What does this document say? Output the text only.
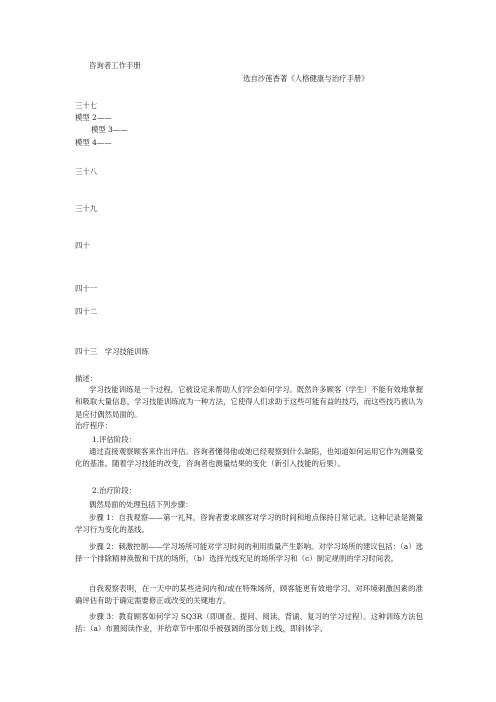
咨询者工作手册
选自沙莲香著《人格健康与治疗手册》
三十七
模型 2——
模型 3——
模型 4——
三十八
三十九
四十
四十一
四十二
四十三　学习技能训练
描述：
学习技能训练是一个过程，它被设定来帮助人们学会如何学习。既然许多顾客（学生）不能有效地掌握和吸取大量信息，学习技能训练成为一种方法，它使得人们求助于这些可能有益的技巧，而这些技巧被认为是应付偶然局面的。
治疗程序：
1.评估阶段：
通过直接观察顾客来作出评估。咨询者懂得他或她已经观察到什么缺陷，也知道如何运用它作为测量变化的基准。随着学习技能的改变，咨询者也测量结果的变化（新引入技能的后果）。
2.治疗阶段：
偶然局面的处理包括下列步骤：
步骤 1：自我观察——第一礼拜，咨询者要求顾客对学习的时间和地点保持日常记录。这种记录是测量学习行为变化的基线。
步骤 2：刺激控制——学习场所可能对学习时间的利用质量产生影响。对学习场所的建议包括：（a）选择一个排除精神涣散和干扰的场所，（b）选择光线充足的场所学习和（c）制定规则的学习时间表。
自我观察表明，在一天中的某些进间内和/或在特殊场所，顾客能更有效地学习。对环境刺激因素的准确评估有助于确定需要修正或改变的关键地方。
步骤 3：教育顾客如何学习 SQ3R（即调查、提问、阅读、背诵、复习的学习过程）。这种训练方法包括：（a）布置阅读作业，并给章节中那似乎被强调的部分划上线，即斜体字、
